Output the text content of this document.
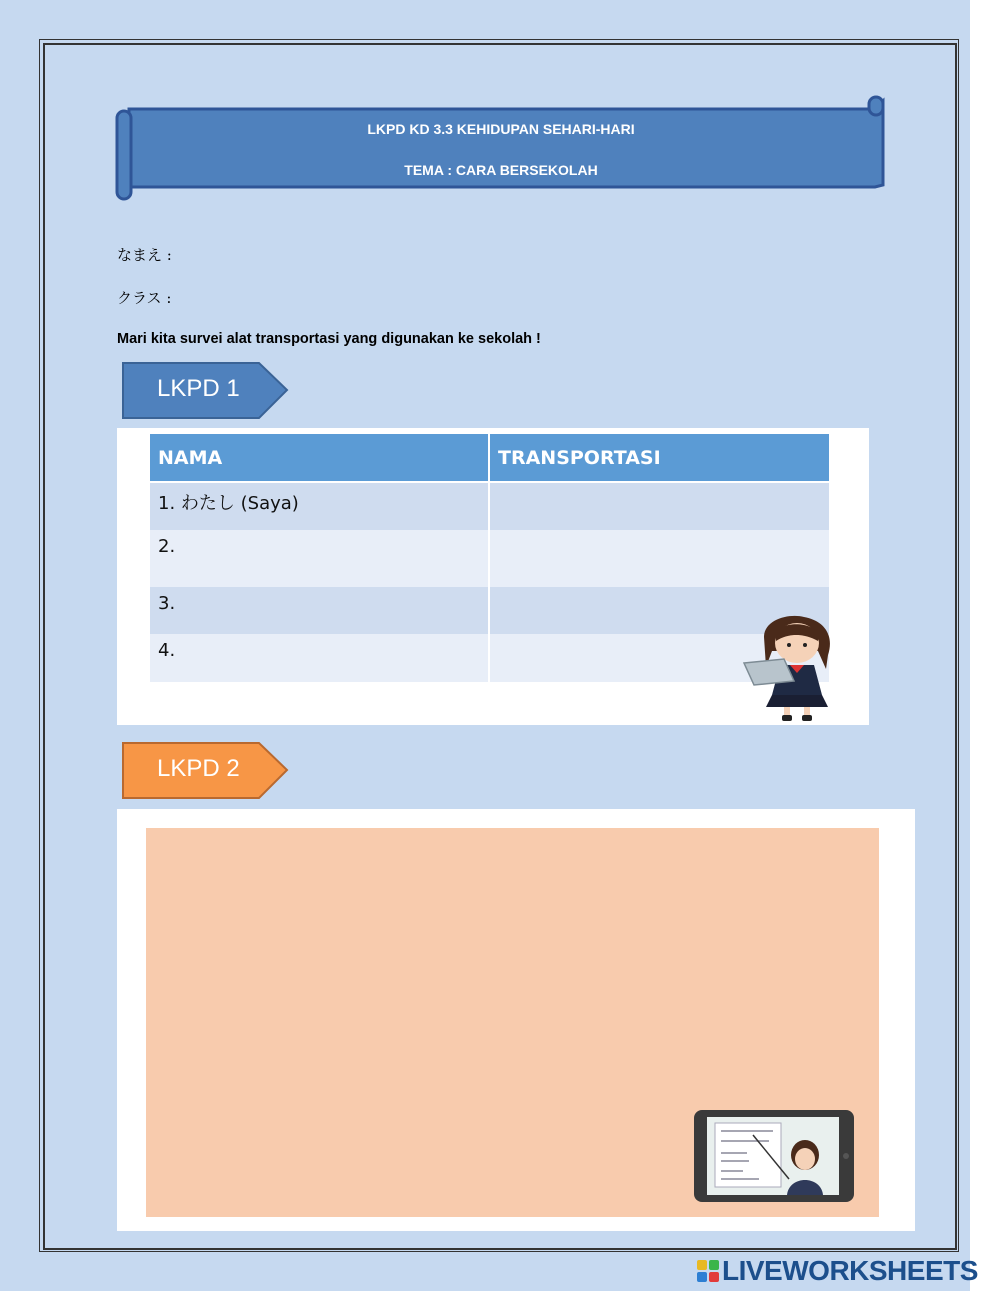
LKPD KD 3.3 KEHIDUPAN SEHARI-HARI
TEMA : CARA BERSEKOLAH
なまえ :
クラス :
Mari kita survei alat transportasi yang digunakan ke sekolah !
LKPD 1
NAMA	TRANSPORTASI
1. わたし (Saya)	
2.	
3.	
4.	
LKPD 2
LIVEWORKSHEETS
